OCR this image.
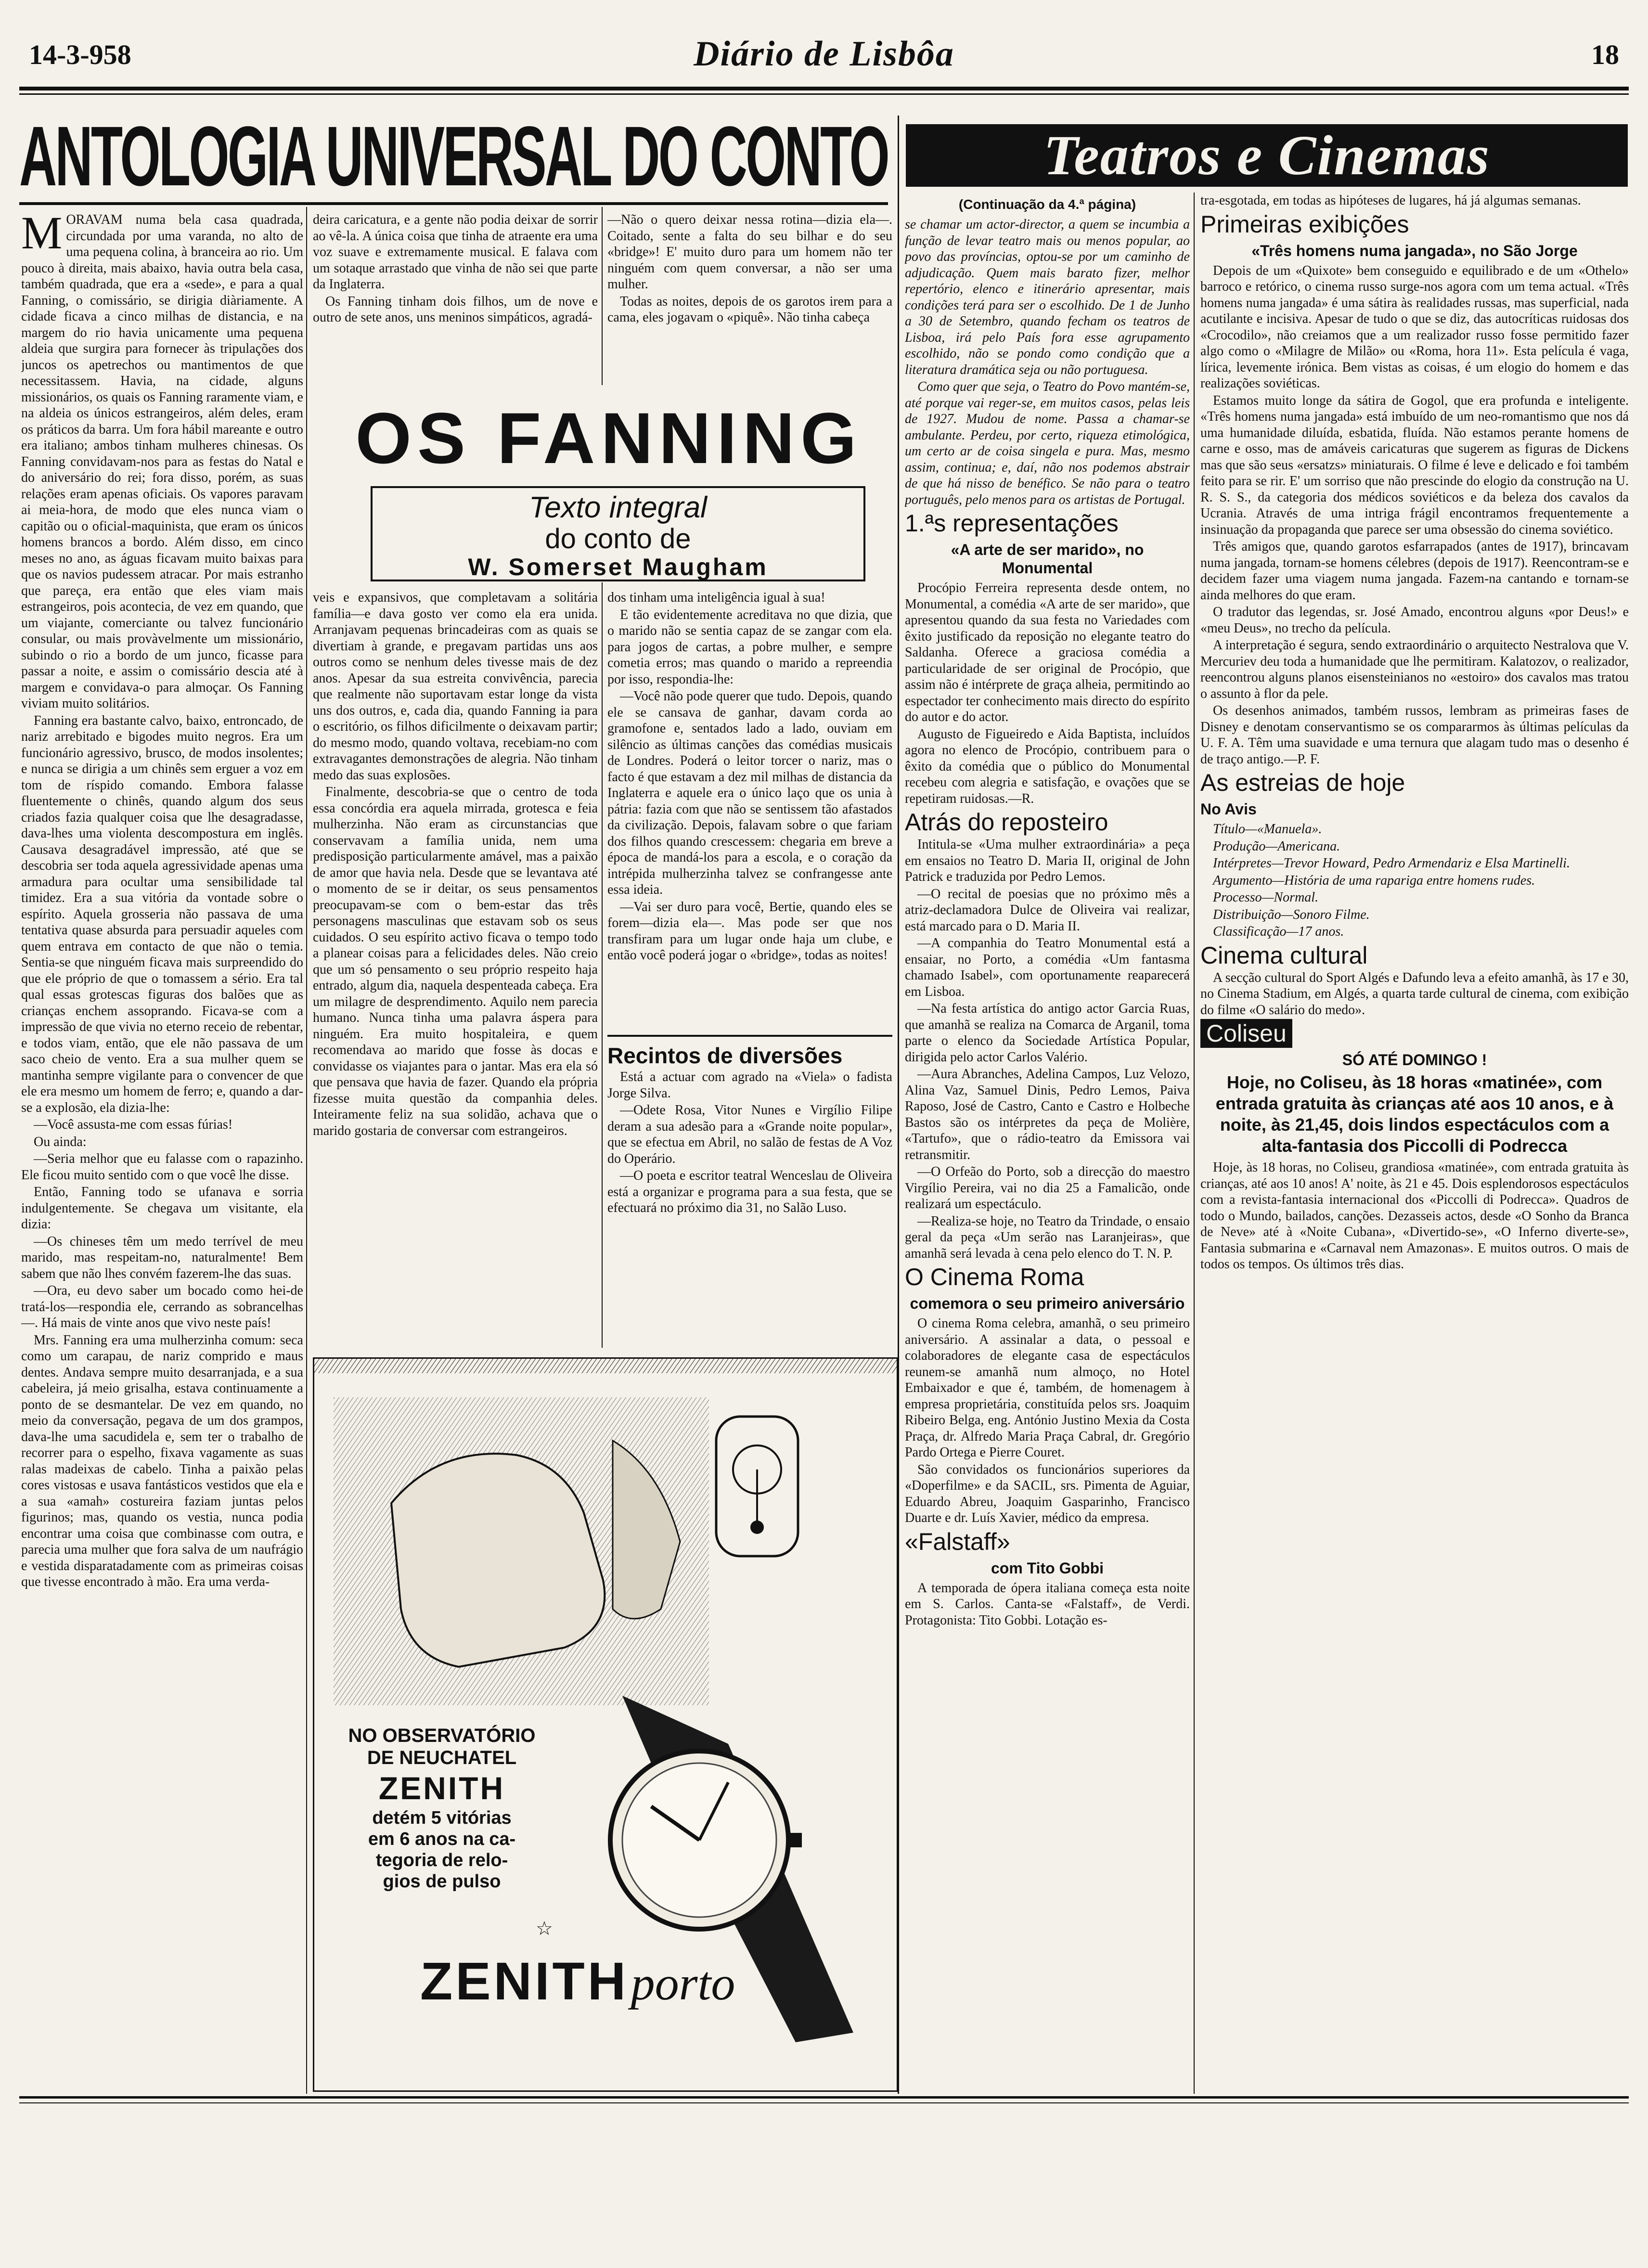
14-3-958	Diário de Lisbôa	18
ANTOLOGIA UNIVERSAL DO CONTO

MORAVAM numa bela casa quadrada, circundada por uma varanda, no alto de uma pequena colina, à branceira ao rio. Um pouco à direita, mais abaixo, havia outra bela casa, também quadrada, que era a «sede», e para a qual Fanning, o comissário, se dirigia diàriamente. A cidade ficava a cinco milhas de distancia, e na margem do rio havia unicamente uma pequena aldeia que surgira para fornecer às tripulações dos juncos os apetrechos ou mantimentos de que necessitassem. Havia, na cidade, alguns missionários, os quais os Fanning raramente viam, e na aldeia os únicos estrangeiros, além deles, eram os práticos da barra. Um fora hábil mareante e outro era italiano; ambos tinham mulheres chinesas. Os Fanning convidavam-nos para as festas do Natal e do aniversário do rei; fora disso, porém, as suas relações eram apenas oficiais. Os vapores paravam ai meia-hora, de modo que eles nunca viam o capitão ou o oficial-maquinista, que eram os únicos homens brancos a bordo. Além disso, em cinco meses no ano, as águas ficavam muito baixas para que os navios pudessem atracar. Por mais estranho que pareça, era então que eles viam mais estrangeiros, pois acontecia, de vez em quando, que um viajante, comerciante ou talvez funcionário consular, ou mais provàvelmente um missionário, subindo o rio a bordo de um junco, ficasse para passar a noite, e assim o comissário descia até à margem e convidava-o para almoçar. Os Fanning viviam muito solitários.

Fanning era bastante calvo, baixo, entroncado, de nariz arrebitado e bigodes muito negros. Era um funcionário agressivo, brusco, de modos insolentes; e nunca se dirigia a um chinês sem erguer a voz em tom de ríspido comando. Embora falasse fluentemente o chinês, quando algum dos seus criados fazia qualquer coisa que lhe desagradasse, dava-lhes uma violenta descompostura em inglês. Causava desagradável impressão, até que se descobria ser toda aquela agressividade apenas uma armadura para ocultar uma sensibilidade tal timidez. Era a sua vitória da vontade sobre o espírito. Aquela grosseria não passava de uma tentativa quase absurda para persuadir aqueles com quem entrava em contacto de que não o temia. Sentia-se que ninguém ficava mais surpreendido do que ele próprio de que o tomassem a sério. Era tal qual essas grotescas figuras dos balões que as crianças enchem assoprando. Ficava-se com a impressão de que vivia no eterno receio de rebentar, e todos viam, então, que ele não passava de um saco cheio de vento. Era a sua mulher quem se mantinha sempre vigilante para o convencer de que ele era mesmo um homem de ferro; e, quando a dar-se a explosão, ela dizia-lhe:

—Você assusta-me com essas fúrias!

Ou ainda:

—Seria melhor que eu falasse com o rapazinho. Ele ficou muito sentido com o que você lhe disse.

Então, Fanning todo se ufanava e sorria indulgentemente. Se chegava um visitante, ela dizia:

—Os chineses têm um medo terrível de meu marido, mas respeitam-no, naturalmente! Bem sabem que não lhes convém fazerem-lhe das suas.

—Ora, eu devo saber um bocado como hei-de tratá-los—respondia ele, cerrando as sobrancelhas—. Há mais de vinte anos que vivo neste país!

Mrs. Fanning era uma mulherzinha comum: seca como um carapau, de nariz comprido e maus dentes. Andava sempre muito desarranjada, e a sua cabeleira, já meio grisalha, estava continuamente a ponto de se desmantelar. De vez em quando, no meio da conversação, pegava de um dos grampos, dava-lhe uma sacudidela e, sem ter o trabalho de recorrer para o espelho, fixava vagamente as suas ralas madeixas de cabelo. Tinha a paixão pelas cores vistosas e usava fantásticos vestidos que ela e a sua «amah» costureira faziam juntas pelos figurinos; mas, quando os vestia, nunca podia encontrar uma coisa que combinasse com outra, e parecia uma mulher que fora salva de um naufrágio e vestida disparatadamente com as primeiras coisas que tivesse encontrado à mão. Era uma verda-

deira caricatura, e a gente não podia deixar de sorrir ao vê-la. A única coisa que tinha de atraente era uma voz suave e extremamente musical. E falava com um sotaque arrastado que vinha de não sei que parte da Inglaterra.

Os Fanning tinham dois filhos, um de nove e outro de sete anos, uns meninos simpáticos, agradá-

—Não o quero deixar nessa rotina—dizia ela—. Coitado, sente a falta do seu bilhar e do seu «bridge»! E' muito duro para um homem não ter ninguém com quem conversar, a não ser uma mulher.

Todas as noites, depois de os garotos irem para a cama, eles jogavam o «piquê». Não tinha cabeça

OS FANNING
Texto integral
do conto de
W. Somerset Maugham

veis e expansivos, que completavam a solitária família—e dava gosto ver como ela era unida. Arranjavam pequenas brincadeiras com as quais se divertiam à grande, e pregavam partidas uns aos outros como se nenhum deles tivesse mais de dez anos. Apesar da sua estreita convivência, parecia que realmente não suportavam estar longe da vista uns dos outros, e, cada dia, quando Fanning ia para o escritório, os filhos dificilmente o deixavam partir; do mesmo modo, quando voltava, recebiam-no com extravagantes demonstrações de alegria. Não tinham medo das suas explosões.

Finalmente, descobria-se que o centro de toda essa concórdia era aquela mirrada, grotesca e feia mulherzinha. Não eram as circunstancias que conservavam a família unida, nem uma predisposição particularmente amável, mas a paixão de amor que havia nela. Desde que se levantava até o momento de se ir deitar, os seus pensamentos preocupavam-se com o bem-estar das três personagens masculinas que estavam sob os seus cuidados. O seu espírito activo ficava o tempo todo a planear coisas para a felicidades deles. Não creio que um só pensamento o seu próprio respeito haja entrado, algum dia, naquela despenteada cabeça. Era um milagre de desprendimento. Aquilo nem parecia humano. Nunca tinha uma palavra áspera para ninguém. Era muito hospitaleira, e quem recomendava ao marido que fosse às docas e convidasse os viajantes para o jantar. Mas era ela só que pensava que havia de fazer. Quando ela própria fizesse muita questão da companhia deles. Inteiramente feliz na sua solidão, achava que o marido gostaria de conversar com estrangeiros.

dos tinham uma inteligência igual à sua!

E tão evidentemente acreditava no que dizia, que o marido não se sentia capaz de se zangar com ela. para jogos de cartas, a pobre mulher, e sempre cometia erros; mas quando o marido a repreendia por isso, respondia-lhe:

—Você não pode querer que tudo. Depois, quando ele se cansava de ganhar, davam corda ao gramofone e, sentados lado a lado, ouviam em silêncio as últimas canções das comédias musicais de Londres. Poderá o leitor torcer o nariz, mas o facto é que estavam a dez mil milhas de distancia da Inglaterra e aquele era o único laço que os unia à pátria: fazia com que não se sentissem tão afastados da civilização. Depois, falavam sobre o que fariam dos filhos quando crescessem: chegaria em breve a época de mandá-los para a escola, e o coração da intrépida mulherzinha talvez se confrangesse ante essa ideia.

—Vai ser duro para você, Bertie, quando eles se forem—dizia ela—. Mas pode ser que nos transfiram para um lugar onde haja um clube, e então você poderá jogar o «bridge», todas as noites!

Recintos de diversões

Está a actuar com agrado na «Viela» o fadista Jorge Silva.

—Odete Rosa, Vitor Nunes e Virgílio Filipe deram a sua adesão para a «Grande noite popular», que se efectua em Abril, no salão de festas de A Voz do Operário.

—O poeta e escritor teatral Wenceslau de Oliveira está a organizar e programa para a sua festa, que se efectuará no próximo dia 31, no Salão Luso.

NO OBSERVATÓRIO
DE NEUCHATEL
ZENITH
detém 5 vitórias
em 6 anos na ca-
tegoria de relo-
gios de pulso
☆
ZENITH porto
Teatros e Cinemas
(Continuação da 4.ª página)

se chamar um actor-director, a quem se incumbia a função de levar teatro mais ou menos popular, ao povo das províncias, optou-se por um caminho de adjudicação. Quem mais barato fizer, melhor repertório, elenco e itinerário apresentar, mais condições terá para ser o escolhido. De 1 de Junho a 30 de Setembro, quando fecham os teatros de Lisboa, irá pelo País fora esse agrupamento escolhido, não se pondo como condição que a literatura dramática seja ou não portuguesa.

Como quer que seja, o Teatro do Povo mantém-se, até porque vai reger-se, em muitos casos, pelas leis de 1927. Mudou de nome. Passa a chamar-se ambulante. Perdeu, por certo, riqueza etimológica, um certo ar de coisa singela e pura. Mas, mesmo assim, continua; e, daí, não nos podemos abstrair de que há nisso de benéfico. Se não para o teatro português, pelo menos para os artistas de Portugal.

1.ªs representações
«A arte de ser marido», no Monumental

Procópio Ferreira representa desde ontem, no Monumental, a comédia «A arte de ser marido», que apresentou quando da sua festa no Variedades com êxito justificado da reposição no elegante teatro do Saldanha. Oferece a graciosa comédia a particularidade de ser original de Procópio, que assim não é intérprete de graça alheia, permitindo ao espectador ter conhecimento mais directo do espírito do autor e do actor.

Augusto de Figueiredo e Aida Baptista, incluídos agora no elenco de Procópio, contribuem para o êxito da comédia que o público do Monumental recebeu com alegria e satisfação, e ovações que se repetiram ruidosas.—R.

Atrás do reposteiro

Intitula-se «Uma mulher extraordinária» a peça em ensaios no Teatro D. Maria II, original de John Patrick e traduzida por Pedro Lemos.

—O recital de poesias que no próximo mês a atriz-declamadora Dulce de Oliveira vai realizar, está marcado para o D. Maria II.

—A companhia do Teatro Monumental está a ensaiar, no Porto, a comédia «Um fantasma chamado Isabel», com oportunamente reaparecerá em Lisboa.

—Na festa artística do antigo actor Garcia Ruas, que amanhã se realiza na Comarca de Arganil, toma parte o elenco da Sociedade Artística Popular, dirigida pelo actor Carlos Valério.

—Aura Abranches, Adelina Campos, Luz Velozo, Alina Vaz, Samuel Dinis, Pedro Lemos, Paiva Raposo, José de Castro, Canto e Castro e Holbeche Bastos são os intérpretes da peça de Molière, «Tartufo», que o rádio-teatro da Emissora vai retransmitir.

—O Orfeão do Porto, sob a direcção do maestro Virgílio Pereira, vai no dia 25 a Famalicão, onde realizará um espectáculo.

—Realiza-se hoje, no Teatro da Trindade, o ensaio geral da peça «Um serão nas Laranjeiras», que amanhã será levada à cena pelo elenco do T. N. P.

O Cinema Roma
comemora o seu primeiro aniversário

O cinema Roma celebra, amanhã, o seu primeiro aniversário. A assinalar a data, o pessoal e colaboradores de elegante casa de espectáculos reunem-se amanhã num almoço, no Hotel Embaixador e que é, também, de homenagem à empresa proprietária, constituída pelos srs. Joaquim Ribeiro Belga, eng. António Justino Mexia da Costa Praça, dr. Alfredo Maria Praça Cabral, dr. Gregório Pardo Ortega e Pierre Couret.

São convidados os funcionários superiores da «Doperfilme» e da SACIL, srs. Pimenta de Aguiar, Eduardo Abreu, Joaquim Gasparinho, Francisco Duarte e dr. Luís Xavier, médico da empresa.

«Falstaff»
com Tito Gobbi

A temporada de ópera italiana começa esta noite em S. Carlos. Canta-se «Falstaff», de Verdi. Protagonista: Tito Gobbi. Lotação es-

tra-esgotada, em todas as hipóteses de lugares, há já algumas semanas.

Primeiras exibições
«Três homens numa jangada», no São Jorge

Depois de um «Quixote» bem conseguido e equilibrado e de um «Othelo» barroco e retórico, o cinema russo surge-nos agora com um tema actual. «Três homens numa jangada» é uma sátira às realidades russas, mas superficial, nada acutilante e incisiva. Apesar de tudo o que se diz, das autocríticas ruidosas dos «Crocodilo», não creiamos que a um realizador russo fosse permitido fazer algo como o «Milagre de Milão» ou «Roma, hora 11». Esta película é vaga, lírica, levemente irónica. Bem vistas as coisas, é um elogio do homem e das realizações soviéticas.

Estamos muito longe da sátira de Gogol, que era profunda e inteligente. «Três homens numa jangada» está imbuído de um neo-romantismo que nos dá uma humanidade diluída, esbatida, fluída. Não estamos perante homens de carne e osso, mas de amáveis caricaturas que sugerem as figuras de Dickens mas que são seus «ersatzs» miniaturais. O filme é leve e delicado e foi também feito para se rir. E' um sorriso que não prescinde do elogio da construção na U. R. S. S., da categoria dos médicos soviéticos e da beleza dos cavalos da Ucrania. Através de uma intriga frágil encontramos frequentemente a insinuação da propaganda que parece ser uma obsessão do cinema soviético.

Três amigos que, quando garotos esfarrapados (antes de 1917), brincavam numa jangada, tornam-se homens célebres (depois de 1917). Reencontram-se e decidem fazer uma viagem numa jangada. Fazem-na cantando e tornam-se ainda melhores do que eram.

O tradutor das legendas, sr. José Amado, encontrou alguns «por Deus!» e «meu Deus», no trecho da película.

A interpretação é segura, sendo extraordinário o arquitecto Nestralova que V. Mercuriev deu toda a humanidade que lhe permitiram. Kalatozov, o realizador, reencontrou alguns planos eisensteinianos no «estoiro» dos cavalos mas tratou o assunto à flor da pele.

Os desenhos animados, também russos, lembram as primeiras fases de Disney e denotam conservantismo se os compararmos às últimas películas da U. F. A. Têm uma suavidade e uma ternura que alagam tudo mas o desenho é de traço antigo.—P. F.

As estreias de hoje
No Avis

Título—«Manuela».

Produção—Americana.

Intérpretes—Trevor Howard, Pedro Armendariz e Elsa Martinelli.

Argumento—História de uma rapariga entre homens rudes.

Processo—Normal.

Distribuição—Sonoro Filme.

Classificação—17 anos.

Cinema cultural

A secção cultural do Sport Algés e Dafundo leva a efeito amanhã, às 17 e 30, no Cinema Stadium, em Algés, a quarta tarde cultural de cinema, com exibição do filme «O salário do medo».

Coliseu
SÓ ATÉ DOMINGO !
Hoje, no Coliseu, às 18 horas «matinée», com entrada gratuita às crianças até aos 10 anos, e à noite, às 21,45, dois lindos espectáculos com a alta-fantasia dos Piccolli di Podrecca

Hoje, às 18 horas, no Coliseu, grandiosa «matinée», com entrada gratuita às crianças, até aos 10 anos! A' noite, às 21 e 45. Dois esplendorosos espectáculos com a revista-fantasia internacional dos «Piccolli di Podrecca». Quadros de todo o Mundo, bailados, canções. Dezasseis actos, desde «O Sonho da Branca de Neve» até à «Noite Cubana», «Divertido-se», «O Inferno diverte-se», Fantasia submarina e «Carnaval nem Amazonas». E muitos outros. O mais de todos os tempos. Os últimos três dias.
